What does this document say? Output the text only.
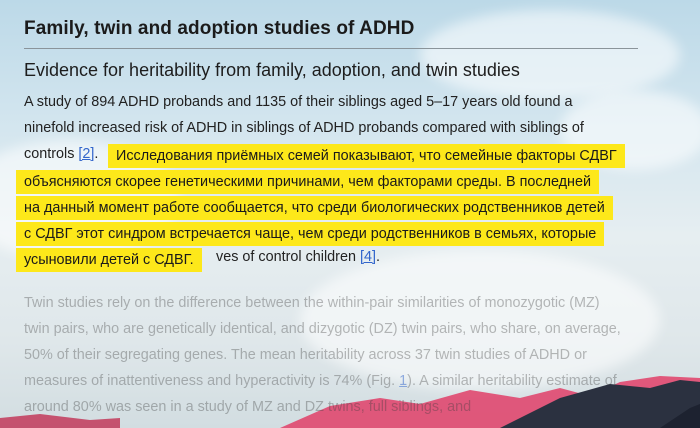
Family, twin and adoption studies of ADHD
Evidence for heritability from family, adoption, and twin studies
A study of 894 ADHD probands and 1135 of their siblings aged 5–17 years old found a
ninefold increased risk of ADHD in siblings of ADHD probands compared with siblings of
controls [2].
ves of control children [4].
Twin studies rely on the difference between the within-pair similarities of monozygotic (MZ)
twin pairs, who are genetically identical, and dizygotic (DZ) twin pairs, who share, on average,
50% of their segregating genes. The mean heritability across 37 twin studies of ADHD or
measures of inattentiveness and hyperactivity is 74% (Fig. 1). A similar heritability estimate of
around 80% was seen in a study of MZ and DZ twins, full siblings, and
Исследования приёмных семей показывают, что семейные факторы СДВГ
объясняются скорее генетическими причинами, чем факторами среды. В последней
на данный момент работе сообщается, что среди биологических родственников детей
с СДВГ этот синдром встречается чаще, чем среди родственников в семьях, которые
усыновили детей с СДВГ.
